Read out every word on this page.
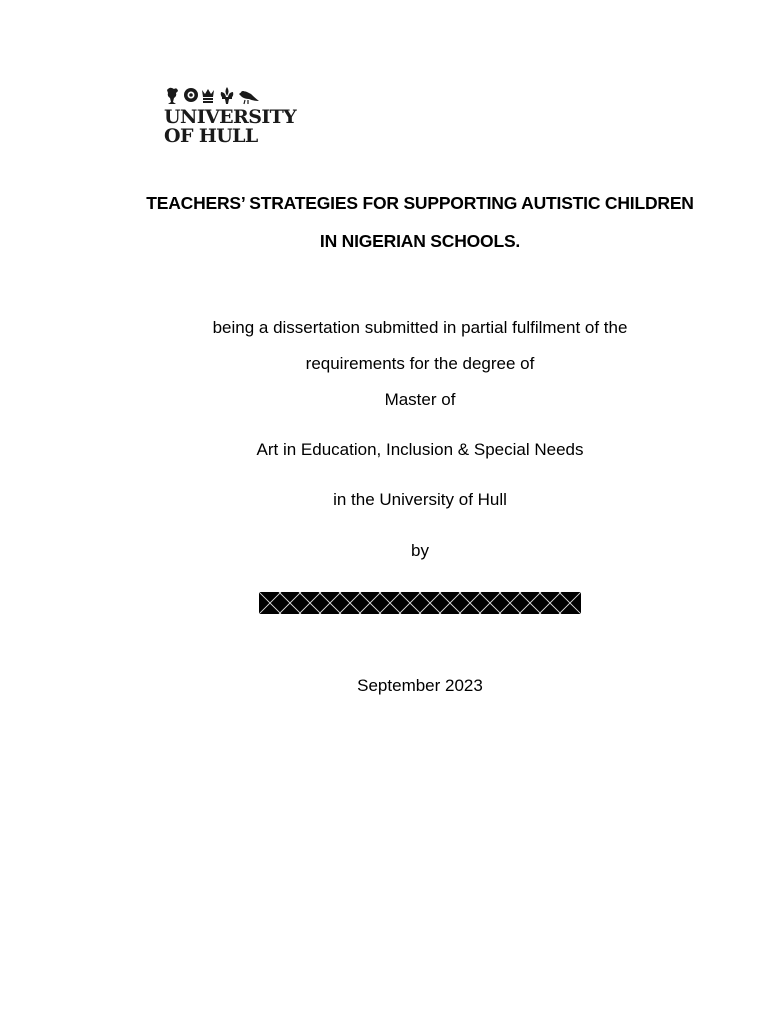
UNIVERSITY
OF HULL
TEACHERS’ STRATEGIES FOR SUPPORTING AUTISTIC CHILDREN
IN NIGERIAN SCHOOLS.
being a dissertation submitted in partial fulfilment of the
requirements for the degree of
Master of
Art in Education, Inclusion & Special Needs
in the University of Hull
by
September 2023
